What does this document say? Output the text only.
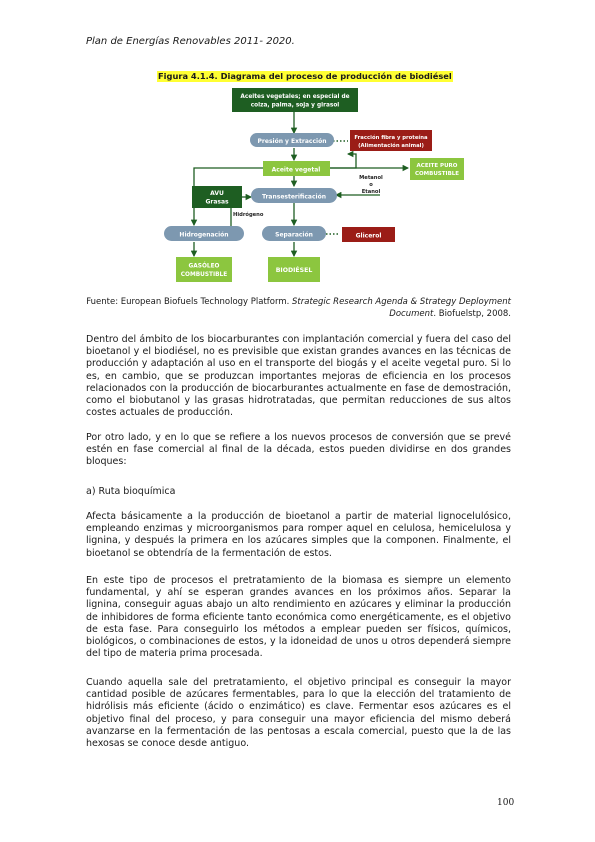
Plan de Energías Renovables 2011- 2020.
Figura 4.1.4. Diagrama del proceso de producción de biodiésel
Aceites vegetales; en especial de
colza, palma, soja y girasol
Presión y Extracción	Fracción fibra y proteína
(Alimentación animal)
Aceite vegetal
ACEITE PURO
COMBUSTIBLE
AVU
Grasas
Transesterificación
Metanol
o
Etanol
Hidrógeno
Hidrogenación	Separación	Glicerol
GASÓLEO
COMBUSTIBLE
BIODIÉSEL
Fuente: European Biofuels Technology Platform. Strategic Research Agenda & Strategy Deployment Document. Biofuelstp, 2008.

Dentro del ámbito de los biocarburantes con implantación comercial y fuera del caso del bioetanol y el biodiésel, no es previsible que existan grandes avances en las técnicas de producción y adaptación al uso en el transporte del biogás y el aceite vegetal puro. Si lo es, en cambio, que se produzcan importantes mejoras de eficiencia en los procesos relacionados con la producción de biocarburantes actualmente en fase de demostración, como el biobutanol y las grasas hidrotratadas, que permitan reducciones de sus altos costes actuales de producción.

Por otro lado, y en lo que se refiere a los nuevos procesos de conversión que se prevé estén en fase comercial al final de la década, estos pueden dividirse en dos grandes bloques:

a) Ruta bioquímica

Afecta básicamente a la producción de bioetanol a partir de material lignocelulósico, empleando enzimas y microorganismos para romper aquel en celulosa, hemicelulosa y lignina, y después la primera en los azúcares simples que la componen. Finalmente, el bioetanol se obtendría de la fermentación de estos.

En este tipo de procesos el pretratamiento de la biomasa es siempre un elemento fundamental, y ahí se esperan grandes avances en los próximos años. Separar la lignina, conseguir aguas abajo un alto rendimiento en azúcares y eliminar la producción de inhibidores de forma eficiente tanto económica como energéticamente, es el objetivo de esta fase. Para conseguirlo los métodos a emplear pueden ser físicos, químicos, biológicos, o combinaciones de estos, y la idoneidad de unos u otros dependerá siempre del tipo de materia prima procesada.

Cuando aquella sale del pretratamiento, el objetivo principal es conseguir la mayor cantidad posible de azúcares fermentables, para lo que la elección del tratamiento de hidrólisis más eficiente (ácido o enzimático) es clave. Fermentar esos azúcares es el objetivo final del proceso, y para conseguir una mayor eficiencia del mismo deberá avanzarse en la fermentación de las pentosas a escala comercial, puesto que la de las hexosas se conoce desde antiguo.

100
